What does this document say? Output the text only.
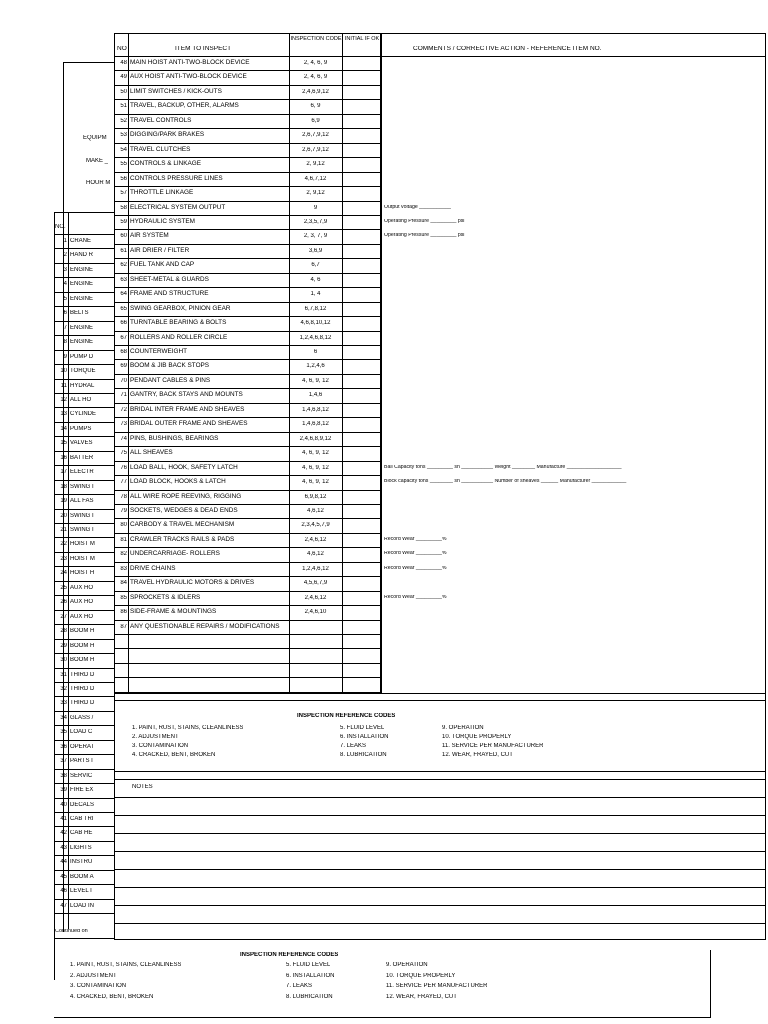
EQUIPM
MAKE _
HOUR M
NO.
1 CRANE
2 HAND R
3 ENGINE
4 ENGINE
5 ENGINE
6 BELTS
7 ENGINE
8 ENGINE
9 PUMP D
10 TORQUE
11 HYDRAL
12 ALL HO
13 CYLINDE
14 PUMPS
15 VALVES
16 BATTER
17 ELECTR
18 SWING I
19 ALL FAS
20 SWING I
21 SWING I
22 HOIST M
23 HOIST M
24 HOIST H
25 AUX HO
26 AUX HO
27 AUX HO
28 BOOM H
29 BOOM H
30 BOOM H
31 THIRD D
32 THIRD D
33 THIRD D
34 GLASS /
35 LOAD C
36 OPERAT
37 PARTS I
38 SERVIC
39 FIRE EX
40 DECALS
41 CAB TRI
42 CAB HE
43 LIGHTS
44 INSTRU
45 BOOM A
46 LEVEL I
47 LOAD IN
Continued on
NO	ITEM TO INSPECT
INSPECTION CODE INITIAL IF OK
COMMENTS / CORRECTIVE ACTION - REFERENCE ITEM NO.
48 MAIN HOIST ANTI-TWO-BLOCK DEVICE	2, 4, 6, 9
49 AUX HOIST ANTI-TWO-BLOCK DEVICE	2, 4, 6, 9
50 LIMIT SWITCHES / KICK-OUTS	2,4,6,9,12
51 TRAVEL, BACKUP, OTHER, ALARMS	6, 9
52 TRAVEL CONTROLS	6,9
53 DIGGING/PARK BRAKES	2,6,7,9,12
54 TRAVEL CLUTCHES	2,6,7,9,12
55 CONTROLS & LINKAGE	2, 9,12
56 CONTROLS PRESSURE LINES	4,6,7,12
57 THROTTLE LINKAGE	2, 9,12
58 ELECTRICAL SYSTEM OUTPUT	9	Output voltage ___________
59 HYDRAULIC SYSTEM	2,3,5,7,9	Operating Pressure _________ psi
60 AIR SYSTEM	2, 3, 7, 9	Operating Pressure _________ psi
61 AIR DRIER / FILTER	3,6,9
62 FUEL TANK AND CAP	6,7
63 SHEET-METAL & GUARDS	4, 6
64 FRAME AND STRUCTURE	1, 4
65 SWING GEARBOX, PINION GEAR	6,7,8,12
66 TURNTABLE BEARING & BOLTS	4,6,8,10,12
67 ROLLERS AND ROLLER CIRCLE	1,2,4,6,8,12
68 COUNTERWEIGHT	6
69 BOOM & JIB BACK STOPS	1,2,4,6
70 PENDANT CABLES & PINS	4, 6, 9, 12
71 GANTRY, BACK STAYS AND MOUNTS	1,4,6
72 BRIDAL INTER FRAME AND SHEAVES	1,4,6,8,12
73 BRIDAL OUTER FRAME AND SHEAVES	1,4,6,8,12
74 PINS, BUSHINGS, BEARINGS	2,4,6,8,9,12
75 ALL SHEAVES	4, 6, 9, 12
76 LOAD BALL, HOOK, SAFETY LATCH	4, 6, 9, 12	Ball Capacity tons _________ sn ___________ Weight ________ Manufacture ___________________
77 LOAD BLOCK, HOOKS & LATCH	4, 6, 9, 12	Block capacity tons ________ sn ___________ Number of sheaves ______ Manufacturer ____________
78 ALL WIRE ROPE REEVING, RIGGING	6,9,8,12
79 SOCKETS, WEDGES & DEAD ENDS	4,6,12
80 CARBODY & TRAVEL MECHANISM	2,3,4,5,7,9
81 CRAWLER TRACKS RAILS & PADS	2,4,6,12	Record Wear _________%
82 UNDERCARRIAGE- ROLLERS	4,6,12	Record Wear _________%
83 DRIVE CHAINS	1,2,4,6,12	Record Wear _________%
84 TRAVEL HYDRAULIC MOTORS & DRIVES	4,5,6,7,9
85 SPROCKETS & IDLERS	2,4,6,12	Record Wear _________%
86 SIDE-FRAME & MOUNTINGS	2,4,6,10
87 ANY QUESTIONABLE REPAIRS / MODIFICATIONS
INSPECTION REFERENCE CODES
1. PAINT, RUST, STAINS, CLEANLINESS
2. ADJUSTMENT
3. CONTAMINATION
4. CRACKED, BENT, BROKEN
5. FLUID LEVEL
6. INSTALLATION
7. LEAKS
8. LUBRICATION
9. OPERATION
10. TORQUE PROPERLY
11. SERVICE PER MANUFACTURER
12. WEAR, FRAYED, CUT
NOTES
INSPECTION REFERENCE CODES
1. PAINT, RUST, STAINS, CLEANLINESS
2. ADJUSTMENT
3. CONTAMINATION
4. CRACKED, BENT, BROKEN
5. FLUID LEVEL
6. INSTALLATION
7. LEAKS
8. LUBRICATION
9. OPERATION
10. TORQUE PROPERLY
11. SERVICE PER MANUFACTURER
12. WEAR, FRAYED, CUT
